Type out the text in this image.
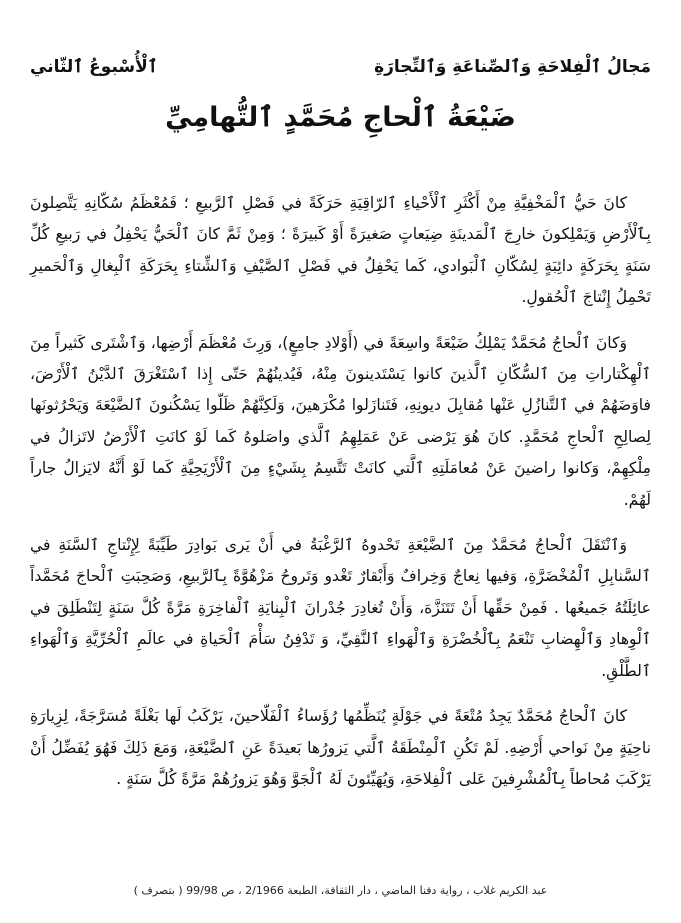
مَجالُ ٱلْفِلاحَةِ وَٱلصِّناعَةِ وَٱلتِّجارَةِ
ٱلْأُسْبوعُ ٱلثّاني
ضَيْعَةُ ٱلْحاجِ مُحَمَّدٍ ٱلتُّهامِيِّ

كانَ حَيُّ ٱلْمَخْفِيَّةِ مِنْ أَكْثَرِ ٱلْأَحْياءِ ٱلرّاقِيَةِ حَرَكَةً في فَصْلِ ٱلرَّبيعِ ؛ فَمُعْظَمُ سُكّانِهِ يَتَّصِلونَ بِٱلْأَرْضِ وَيَمْلِكونَ خارِجَ ٱلْمَدينَةِ ضِيَعاتٍ صَغيرَةً أَوْ كَبيرَةً ؛ وَمِنْ ثَمَّ كانَ ٱلْحَيُّ يَحْفِلُ في رَبيعِ كُلِّ سَنَةٍ بِحَرَكَةٍ دائِبَةٍ لِسُكّانِ ٱلْبَوادي، كَما يَحْفِلُ في فَصْلِ ٱلصَّيْفِ وَٱلشِّتاءِ بِحَرَكَةِ ٱلْبِغالِ وَٱلْحَميرِ تَحْمِلُ إِنْتاجَ ٱلْحُقولِ.

وَكانَ ٱلْحاجُ مُحَمَّدٌ يَمْلِكُ ضَيْعَةً واسِعَةً في (أَوْلادِ جامِعٍ)، وَرِثَ مُعْظَمَ أَرْضِها، وَٱشْتَرى كَثيراً مِنَ ٱلْهِكْتاراتِ مِنَ ٱلسُّكّانِ ٱلَّذينَ كانوا يَسْتَدينونَ مِنْهُ، فَيُدينُهُمْ حَتّى إِذا ٱسْتَغْرَقَ ٱلدَّيْنُ ٱلْأَرْضَ، فاوَضَهُمْ في ٱلتَّنازُلِ عَنْها مُقابِلَ ديونِهِ، فَتَنازَلوا مُكْرَهينَ، وَلَكِنَّهُمْ ظَلّوا يَسْكُنونَ ٱلضَّيْعَةَ وَيَحْرُثونَها لِصالِحِ ٱلْحاجِ مُحَمَّدٍ. كانَ هُوَ يَرْضى عَنْ عَمَلِهِمُ ٱلَّذي واصَلوهُ كَما لَوْ كانَتِ ٱلْأَرْضُ لاتَزالُ في مِلْكِهِمْ، وَكانوا راضينَ عَنْ مُعامَلَتِهِ ٱلَّتي كانَتْ تَتَّسِمُ بِشَيْءٍ مِنَ ٱلْأَرْيَحِيَّةِ كَما لَوْ أَنَّهُ لايَزالُ جاراً لَهُمْ.

وَٱنْتَقَلَ ٱلْحاجُ مُحَمَّدٌ مِنَ ٱلضَّيْعَةِ تَحْدوهُ ٱلرَّغْبَةُ في أَنْ يَرى بَوادِرَ طَيِّبَةً لِإِنْتاجِ ٱلسَّنَةِ في ٱلسَّنابِلِ ٱلْمُخْضَرَّةِ، وَفيها نِعاجٌ وَخِرافٌ وَأَبْقارٌ تَغْدو وَتَروحُ مَزْهُوَّةً بِٱلرَّبيعِ، وَصَحِبَتِ ٱلْحاجَ مُحَمَّداً عائِلَتُهُ جَميعُها . فَمِنْ حَقِّها أَنْ تَتَنَزَّهَ، وَأَنْ تُغادِرَ جُدْرانَ ٱلْبِنايَةِ ٱلْفاخِرَةِ مَرَّةً كُلَّ سَنَةٍ لِتَنْطَلِقَ في ٱلْوِهادِ وَٱلْهِضابِ تَنْعَمُ بِٱلْخُضْرَةِ وَٱلْهَواءِ ٱلنَّقِيِّ، وَ تَدْفِنُ سَأْمَ ٱلْحَياةِ في عالَمِ ٱلْحُرِّيَّةِ وَٱلْهَواءِ ٱلطَّلْقِ.

كانَ ٱلْحاجُ مُحَمَّدٌ يَجِدُ مُتْعَةً في جَوْلَةٍ يُنَظِّمُها رُؤَساءُ ٱلْفَلّاحينَ، يَرْكَبُ لَها بَغْلَةً مُسَرَّجَةً، لِزِيارَةِ ناحِيَةٍ مِنْ نَواحي أَرْضِهِ. لَمْ تَكُنِ ٱلْمِنْطَقَةُ ٱلَّتي يَزورُها بَعيدَةً عَنِ ٱلضَّيْعَةِ، وَمَعَ ذَلِكَ فَهُوَ يُفَضِّلُ أَنْ يَرْكَبَ مُحاطاً بِٱلْمُشْرِفينَ عَلى ٱلْفِلاحَةِ، وَيُهَيِّئونَ لَهُ ٱلْجَوَّ وَهُوَ يَزورُهُمْ مَرَّةً كُلَّ سَنَةٍ .

عبد الكريم غلاب ، رواية دفنا الماضي ، دار الثقافة، الطبعة 2/1966 ، ص 99/98 ( بتصرف )
